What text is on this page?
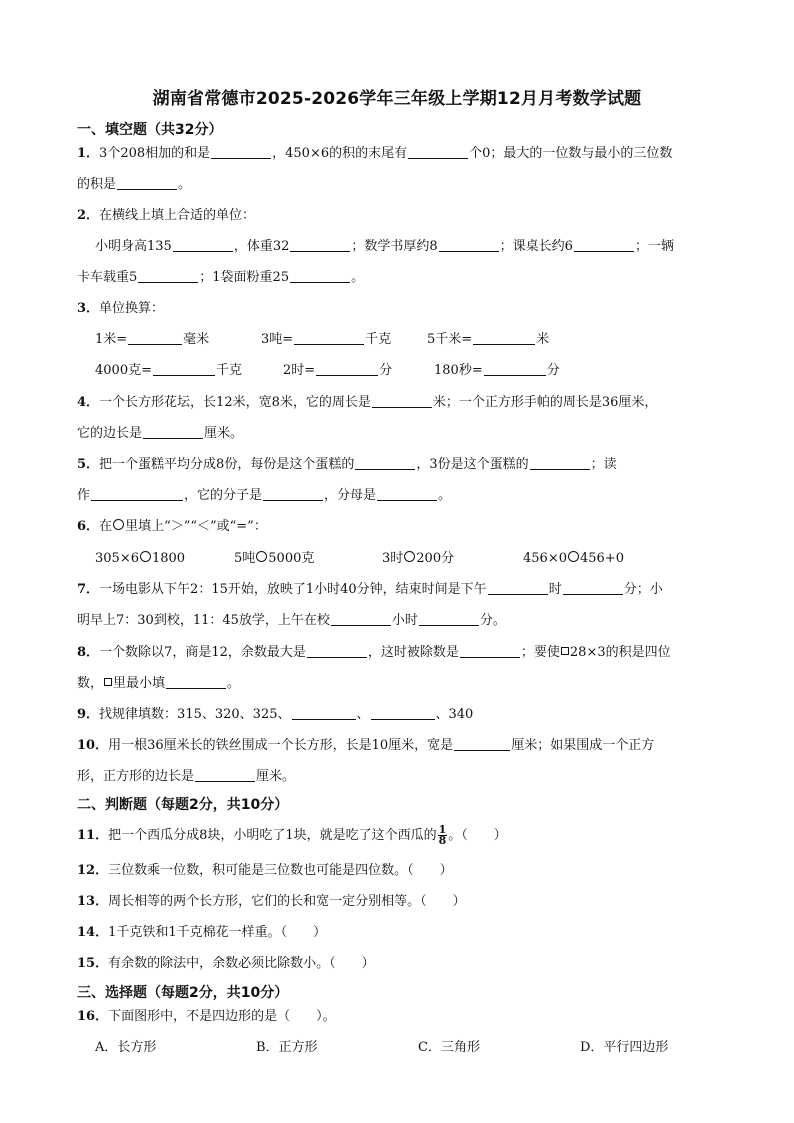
湖南省常德市2025-2026学年三年级上学期12月月考数学试题
一、填空题（共32分）
1．3个208相加的和是	，450×6的积的末尾有	个0；最大的一位数与最小的三位数
的积是	。
2．在横线上填上合适的单位：
小明身高135	，体重32	；数学书厚约8	；课桌长约6	；一辆
卡车载重5	；1袋面粉重25	。
3．单位换算：
1米=	毫米	3吨=	千克	5千米=	米
4000克=	千克	2时=	分	180秒=	分
4．一个长方形花坛，长12米，宽8米，它的周长是	米；一个正方形手帕的周长是36厘米，
它的边长是	厘米。
5．把一个蛋糕平均分成8份，每份是这个蛋糕的	，3份是这个蛋糕的	；读
作	，它的分子是	，分母是	。
6．在 里填上“＞”“＜”或“=”：
305×6 1800	5吨 5000克	3时 200分	456×0 456+0
7．一场电影从下午2：15开始，放映了1小时40分钟，结束时间是下午	时	分；小
明早上7：30到校，11：45放学，上午在校	小时	分。
8．一个数除以7，商是12，余数最大是	，这时被除数是	；要使 28×3的积是四位
数， 里最小填	。
9．找规律填数：315、320、325、	、	、340
10．用一根36厘米长的铁丝围成一个长方形，长是10厘米，宽是	厘米；如果围成一个正方
形，正方形的边长是	厘米。
二、判断题（每题2分，共10分）
11．把一个西瓜分成8块，小明吃了1块，就是吃了这个西瓜的 $\frac{1}{8}$ 。（　　）
12．三位数乘一位数，积可能是三位数也可能是四位数。（　　）
13．周长相等的两个长方形，它们的长和宽一定分别相等。（　　）
14．1千克铁和1千克棉花一样重。（　　）
15．有余数的除法中，余数必须比除数小。（　　）
三、选择题（每题2分，共10分）
16．下面图形中，不是四边形的是（　　）。
A．长方形	B．正方形	C．三角形	D．平行四边形
